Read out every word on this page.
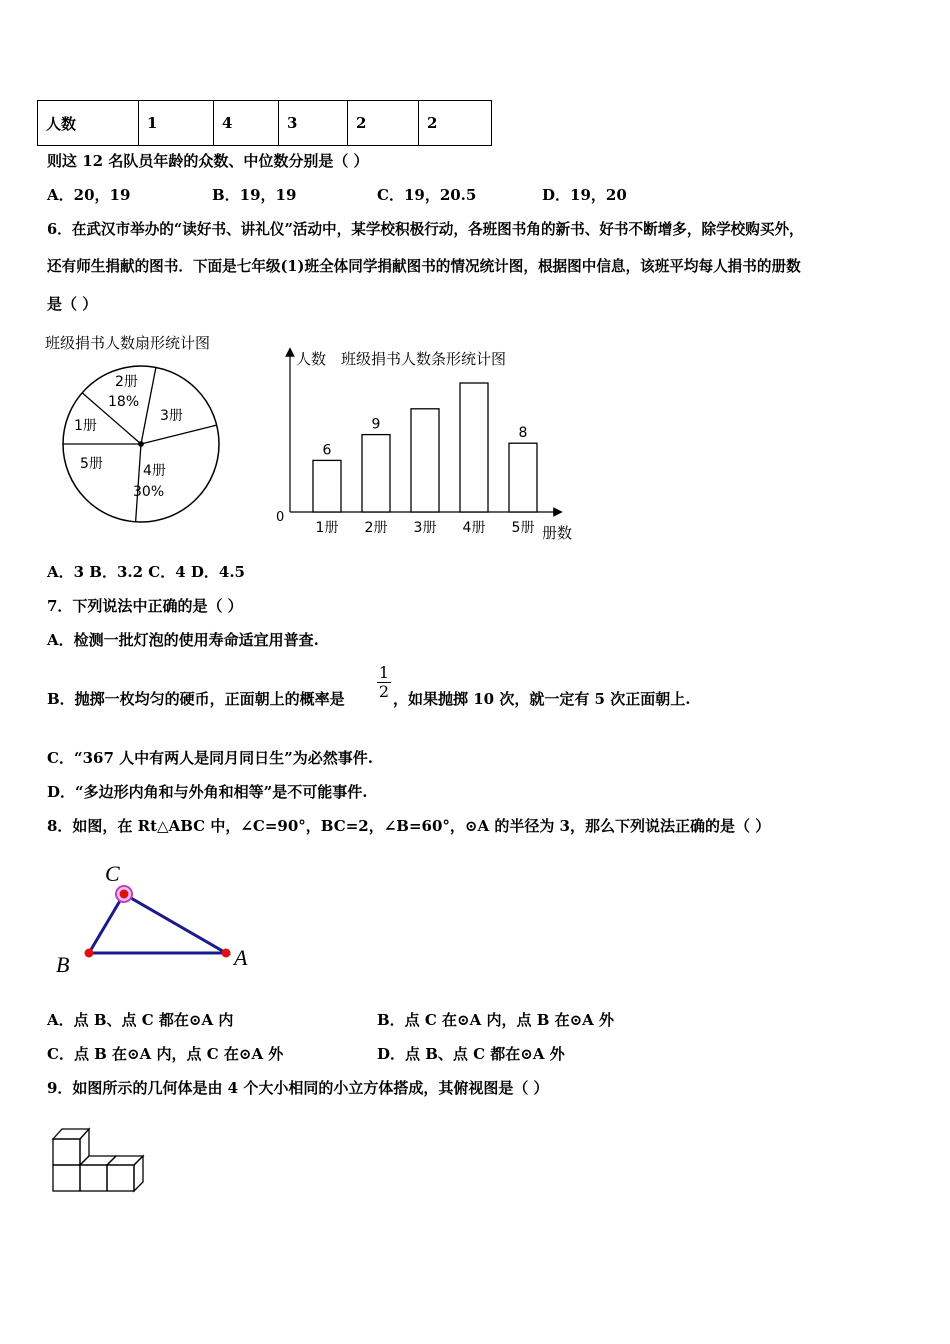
人数	1	4	3	2	2
则这 12 名队员年龄的众数、中位数分别是（ ）
A．20，19	B．19，19	C．19，20.5	D．19，20
6．在武汉市举办的“读好书、讲礼仪”活动中，某学校积极行动，各班图书角的新书、好书不断增多，除学校购买外，
还有师生捐献的图书．下面是七年级(1)班全体同学捐献图书的情况统计图，根据图中信息，该班平均每人捐书的册数
是（ ）
班级捐书人数扇形统计图
2册
18%
3册
4册
30%
5册
1册
人数 班级捐书人数条形统计图
0
册数
6
1册
9
2册 3册 4册
8
5册
A．3 B．3.2 C．4 D．4.5
7．下列说法中正确的是（ ）
A．检测一批灯泡的使用寿命适宜用普查.
B．抛掷一枚均匀的硬币，正面朝上的概率是 $\frac{1}{2}$ ，如果抛掷 10 次，就一定有 5 次正面朝上.
C．“367 人中有两人是同月同日生”为必然事件.
D．“多边形内角和与外角和相等”是不可能事件.
8．如图，在 Rt△ABC 中，∠C=90°，BC=2，∠B=60°，⊙A 的半径为 3，那么下列说法正确的是（ ）
C
B	A
A．点 B、点 C 都在⊙A 内	B．点 C 在⊙A 内，点 B 在⊙A 外
C．点 B 在⊙A 内，点 C 在⊙A 外	D．点 B、点 C 都在⊙A 外
9．如图所示的几何体是由 4 个大小相同的小立方体搭成，其俯视图是（ ）
